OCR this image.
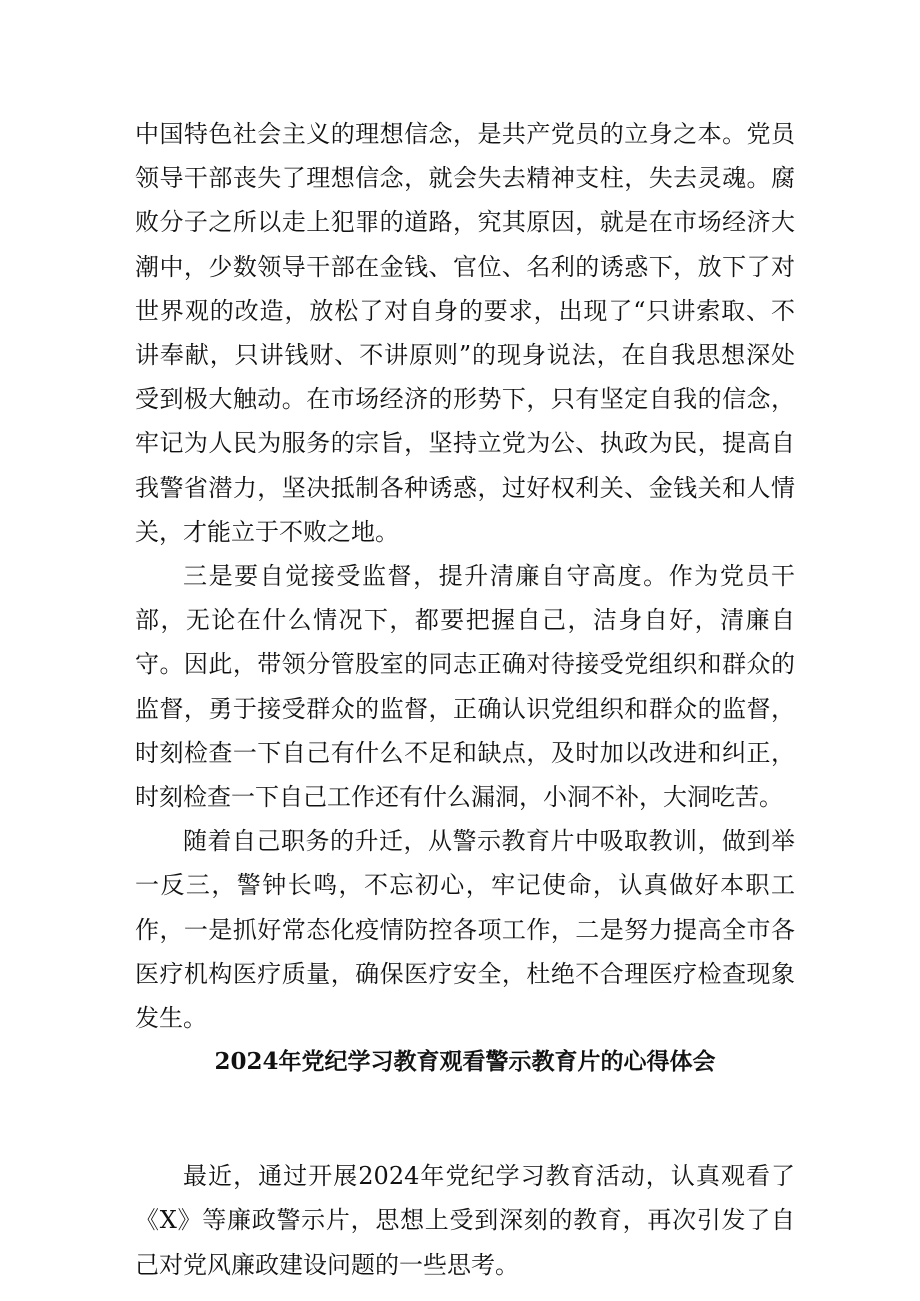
中国特色社会主义的理想信念，是共产党员的立身之本。党员领导干部丧失了理想信念，就会失去精神支柱，失去灵魂。腐败分子之所以走上犯罪的道路，究其原因，就是在市场经济大潮中，少数领导干部在金钱、官位、名利的诱惑下，放下了对世界观的改造，放松了对自身的要求，出现了“只讲索取、不讲奉献，只讲钱财、不讲原则”的现身说法，在自我思想深处受到极大触动。在市场经济的形势下，只有坚定自我的信念，牢记为人民为服务的宗旨，坚持立党为公、执政为民，提高自我警省潜力，坚决抵制各种诱惑，过好权利关、金钱关和人情关，才能立于不败之地。

三是要自觉接受监督，提升清廉自守高度。作为党员干部，无论在什么情况下，都要把握自己，洁身自好，清廉自守。因此，带领分管股室的同志正确对待接受党组织和群众的监督，勇于接受群众的监督，正确认识党组织和群众的监督，时刻检查一下自己有什么不足和缺点，及时加以改进和纠正，时刻检查一下自己工作还有什么漏洞，小洞不补，大洞吃苦。

随着自己职务的升迁，从警示教育片中吸取教训，做到举一反三，警钟长鸣，不忘初心，牢记使命，认真做好本职工作，一是抓好常态化疫情防控各项工作，二是努力提高全市各医疗机构医疗质量，确保医疗安全，杜绝不合理医疗检查现象发生。

2024年党纪学习教育观看警示教育片的心得体会

最近，通过开展2024年党纪学习教育活动，认真观看了《X》等廉政警示片，思想上受到深刻的教育，再次引发了自己对党风廉政建设问题的一些思考。
